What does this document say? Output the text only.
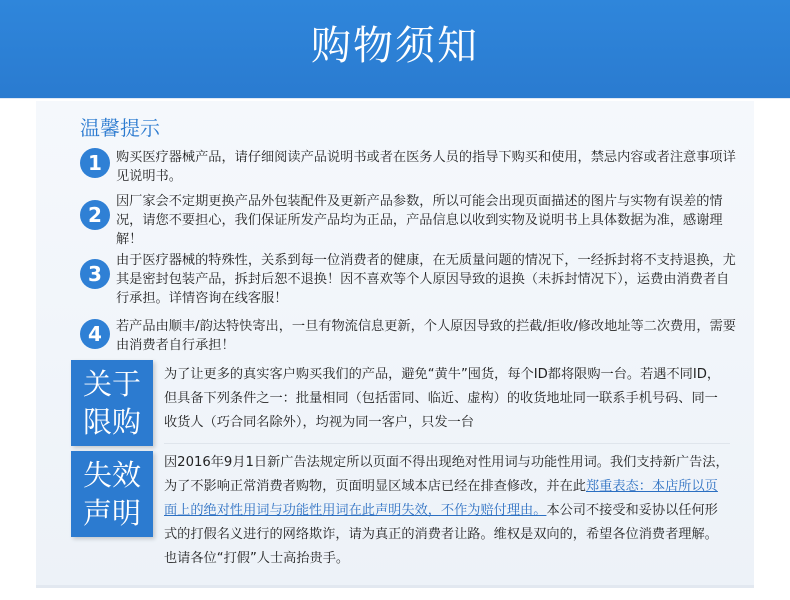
购物须知
温馨提示
1	购买医疗器械产品，请仔细阅读产品说明书或者在医务人员的指导下购买和使用，禁忌内容或者注意事项详见说明书。
2
因厂家会不定期更换产品外包装配件及更新产品参数，所以可能会出现页面描述的图片与实物有误差的情况，请您不要担心，我们保证所发产品均为正品，产品信息以收到实物及说明书上具体数据为准，感谢理解！
3
由于医疗器械的特殊性，关系到每一位消费者的健康，在无质量问题的情况下，一经拆封将不支持退换，尤其是密封包装产品，拆封后恕不退换！因不喜欢等个人原因导致的退换（未拆封情况下），运费由消费者自行承担。详情咨询在线客服！
4	若产品由顺丰/韵达特快寄出，一旦有物流信息更新，个人原因导致的拦截/拒收/修改地址等二次费用，需要由消费者自行承担！
关于
限购
为了让更多的真实客户购买我们的产品，避免“黄牛”囤货，每个ID都将限购一台。若遇不同ID，但具备下列条件之一：批量相同（包括雷同、临近、虚构）的收货地址同一联系手机号码、同一收货人（巧合同名除外），均视为同一客户，只发一台
失效
声明
因2016年9月1日新广告法规定所以页面不得出现绝对性用词与功能性用词。我们支持新广告法，为了不影响正常消费者购物，页面明显区域本店已经在排查修改，并在此郑重表态：本店所以页面上的绝对性用词与功能性用词在此声明失效，不作为赔付理由。本公司不接受和妥协以任何形式的打假名义进行的网络欺诈，请为真正的消费者让路。维权是双向的，希望各位消费者理解。也请各位“打假”人士高抬贵手。
